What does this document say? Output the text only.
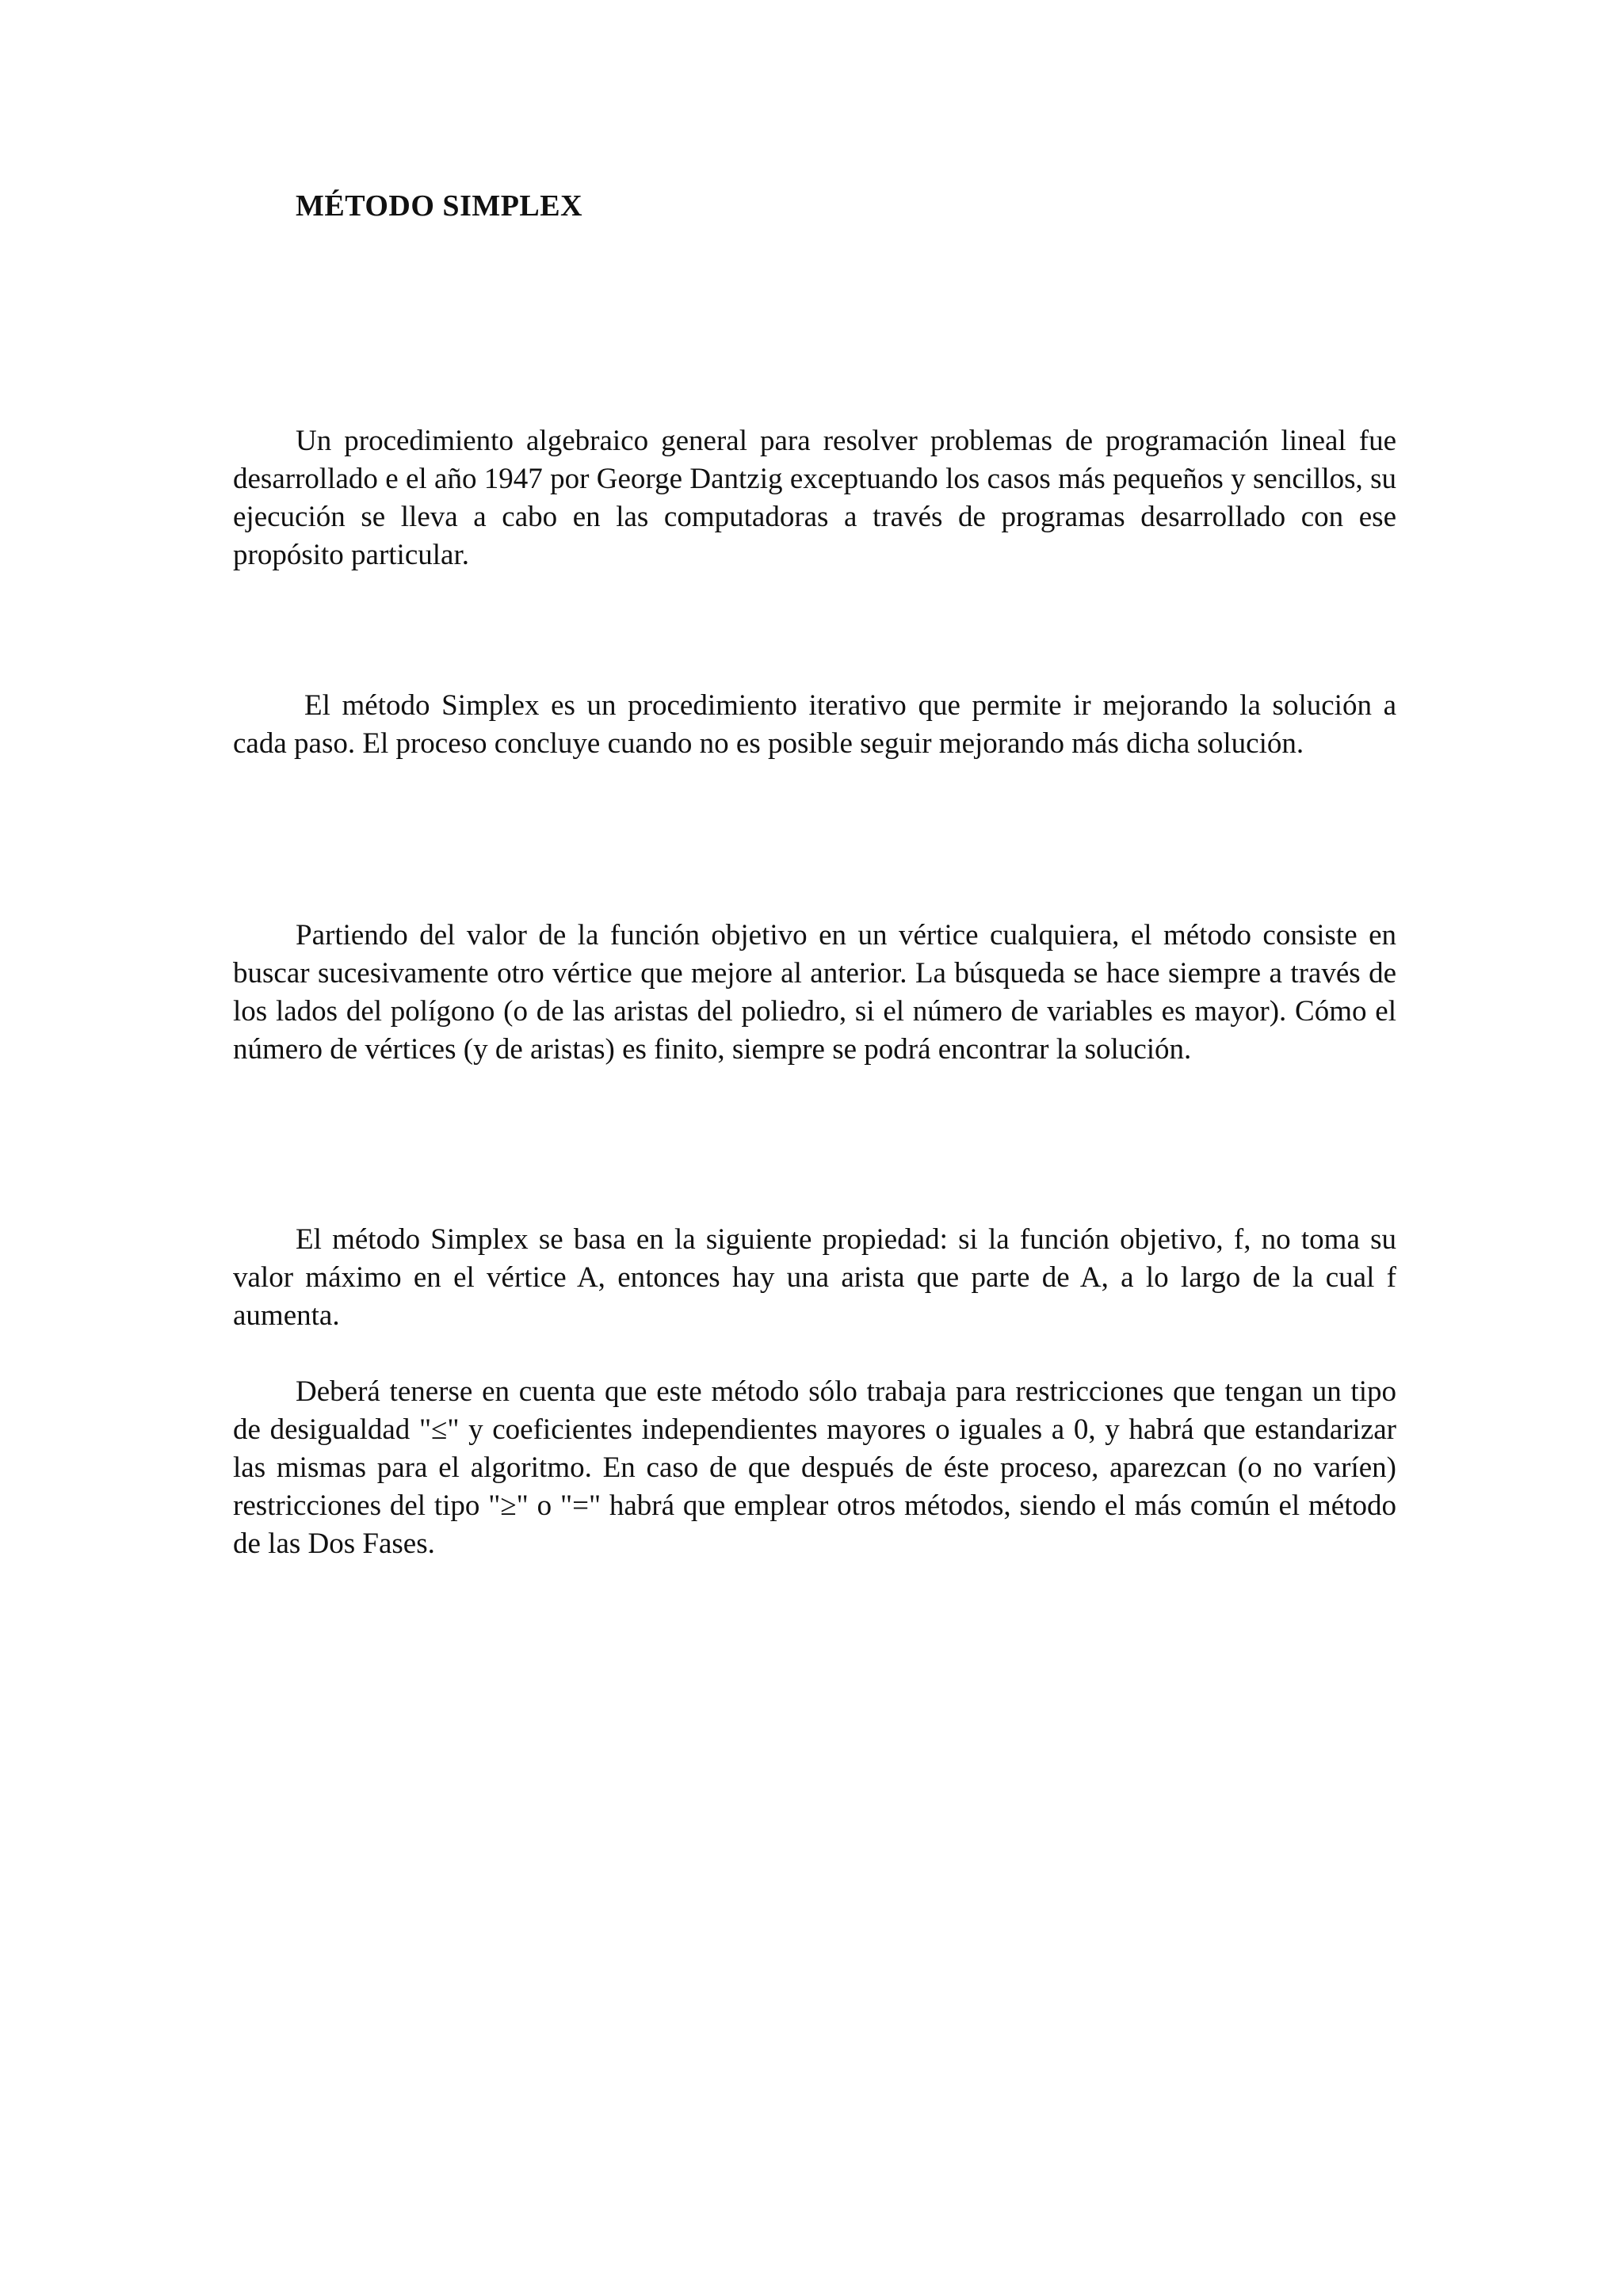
MÉTODO SIMPLEX

Un procedimiento algebraico general para resolver problemas de programación lineal fue desarrollado e el año 1947 por George Dantzig exceptuando los casos más pequeños y sencillos, su ejecución se lleva a cabo en las computadoras a través de programas desarrollado con ese propósito particular.

El método Simplex es un procedimiento iterativo que permite ir mejorando la solución a cada paso. El proceso concluye cuando no es posible seguir mejorando más dicha solución.

Partiendo del valor de la función objetivo en un vértice cualquiera, el método consiste en buscar sucesivamente otro vértice que mejore al anterior. La búsqueda se hace siempre a través de los lados del polígono (o de las aristas del poliedro, si el número de variables es mayor). Cómo el número de vértices (y de aristas) es finito, siempre se podrá encontrar la solución.

El método Simplex se basa en la siguiente propiedad: si la función objetivo, f, no toma su valor máximo en el vértice A, entonces hay una arista que parte de A, a lo largo de la cual f aumenta.

Deberá tenerse en cuenta que este método sólo trabaja para restricciones que tengan un tipo de desigualdad "≤" y coeficientes independientes mayores o iguales a 0, y habrá que estandarizar las mismas para el algoritmo. En caso de que después de éste proceso, aparezcan (o no varíen) restricciones del tipo "≥" o "=" habrá que emplear otros métodos, siendo el más común el método de las Dos Fases.
